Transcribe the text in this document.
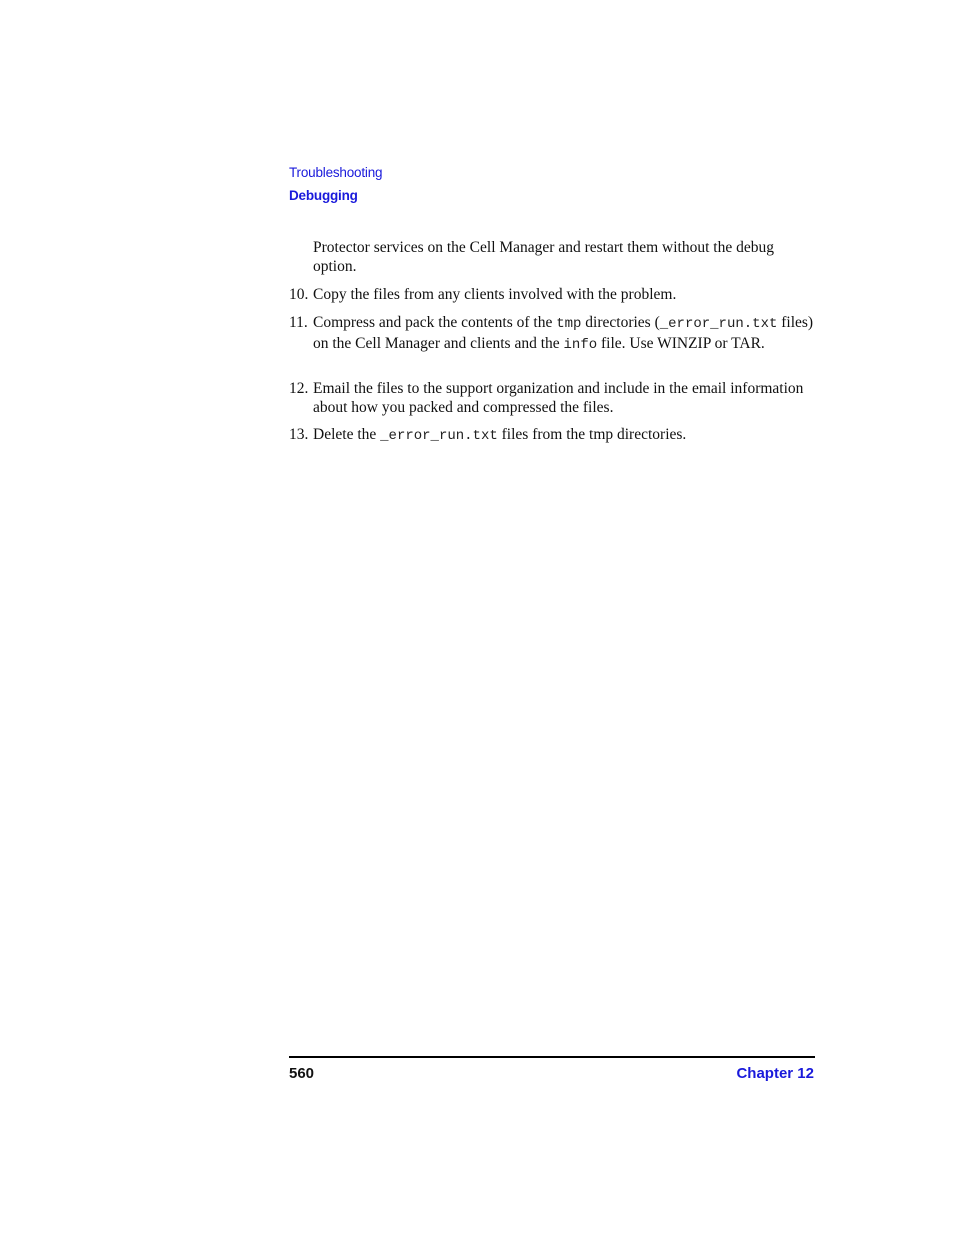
Troubleshooting
Debugging
Protector services on the Cell Manager and restart them without the debug option.
10. Copy the files from any clients involved with the problem.
11. Compress and pack the contents of the tmp directories (_error_run.txt files) on the Cell Manager and clients and the info file. Use WINZIP or TAR.
12. Email the files to the support organization and include in the email information about how you packed and compressed the files.
13. Delete the _error_run.txt files from the tmp directories.
560	Chapter 12
